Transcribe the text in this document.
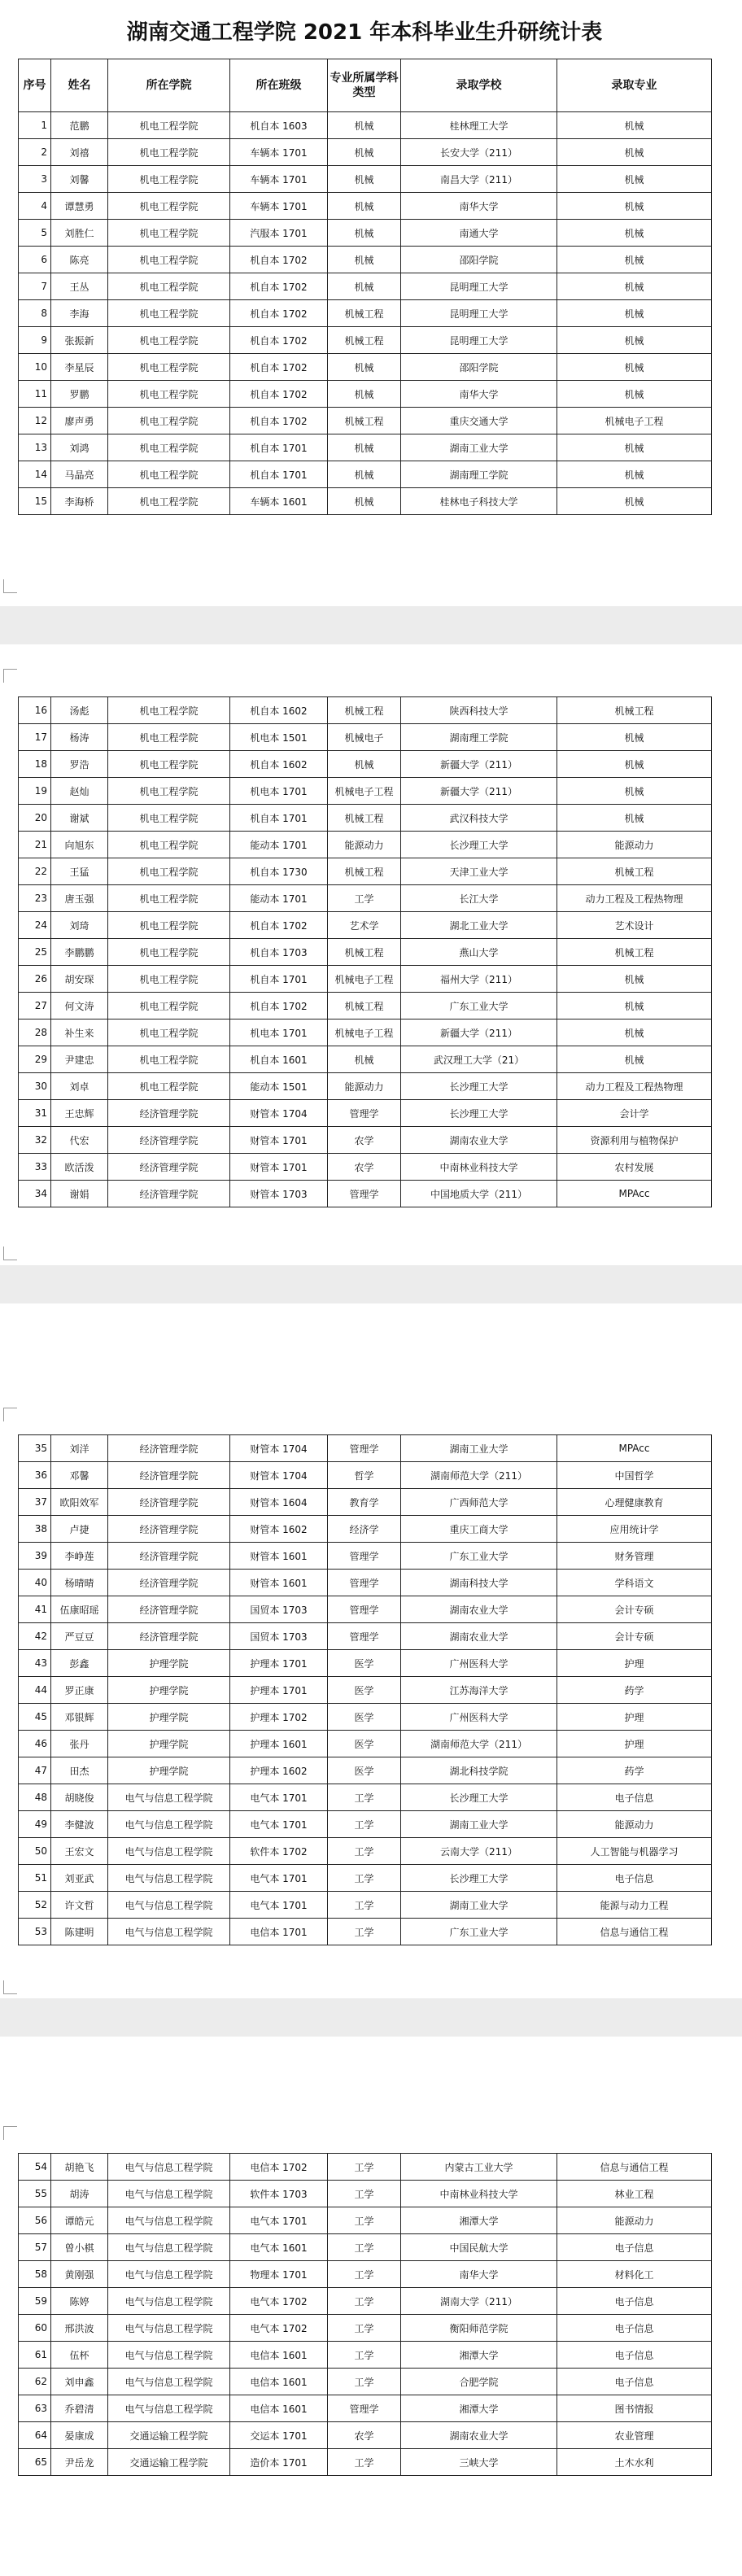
湖南交通工程学院 2021 年本科毕业生升研统计表
序号	姓名	所在学院	所在班级	专业所属学科类型	录取学校	录取专业
1	范鹏	机电工程学院	机自本 1603	机械	桂林理工大学	机械
2	刘禧	机电工程学院	车辆本 1701	机械	长安大学（211）	机械
3	刘馨	机电工程学院	车辆本 1701	机械	南昌大学（211）	机械
4	谭慧勇	机电工程学院	车辆本 1701	机械	南华大学	机械
5	刘胜仁	机电工程学院	汽服本 1701	机械	南通大学	机械
6	陈亮	机电工程学院	机自本 1702	机械	邵阳学院	机械
7	王丛	机电工程学院	机自本 1702	机械	昆明理工大学	机械
8	李海	机电工程学院	机自本 1702	机械工程	昆明理工大学	机械
9	张振新	机电工程学院	机自本 1702	机械工程	昆明理工大学	机械
10	李星辰	机电工程学院	机自本 1702	机械	邵阳学院	机械
11	罗鹏	机电工程学院	机自本 1702	机械	南华大学	机械
12	廖声勇	机电工程学院	机自本 1702	机械工程	重庆交通大学	机械电子工程
13	刘鸿	机电工程学院	机自本 1701	机械	湖南工业大学	机械
14	马晶亮	机电工程学院	机自本 1701	机械	湖南理工学院	机械
15	李海桥	机电工程学院	车辆本 1601	机械	桂林电子科技大学	机械
16	汤彪	机电工程学院	机自本 1602	机械工程	陕西科技大学	机械工程
17	杨涛	机电工程学院	机电本 1501	机械电子	湖南理工学院	机械
18	罗浩	机电工程学院	机自本 1602	机械	新疆大学（211）	机械
19	赵灿	机电工程学院	机电本 1701	机械电子工程	新疆大学（211）	机械
20	谢斌	机电工程学院	机自本 1701	机械工程	武汉科技大学	机械
21	向旭东	机电工程学院	能动本 1701	能源动力	长沙理工大学	能源动力
22	王猛	机电工程学院	机自本 1730	机械工程	天津工业大学	机械工程
23	唐玉强	机电工程学院	能动本 1701	工学	长江大学	动力工程及工程热物理
24	刘琦	机电工程学院	机自本 1702	艺术学	湖北工业大学	艺术设计
25	李鹏鹏	机电工程学院	机自本 1703	机械工程	燕山大学	机械工程
26	胡安琛	机电工程学院	机自本 1701	机械电子工程	福州大学（211）	机械
27	何文涛	机电工程学院	机自本 1702	机械工程	广东工业大学	机械
28	补生来	机电工程学院	机电本 1701	机械电子工程	新疆大学（211）	机械
29	尹建忠	机电工程学院	机自本 1601	机械	武汉理工大学（21）	机械
30	刘卓	机电工程学院	能动本 1501	能源动力	长沙理工大学	动力工程及工程热物理
31	王忠辉	经济管理学院	财管本 1704	管理学	长沙理工大学	会计学
32	代宏	经济管理学院	财管本 1701	农学	湖南农业大学	资源利用与植物保护
33	欧活泼	经济管理学院	财管本 1701	农学	中南林业科技大学	农村发展
34	谢娟	经济管理学院	财管本 1703	管理学	中国地质大学（211）	MPAcc
35	刘洋	经济管理学院	财管本 1704	管理学	湖南工业大学	MPAcc
36	邓馨	经济管理学院	财管本 1704	哲学	湖南师范大学（211）	中国哲学
37	欧阳效军	经济管理学院	财管本 1604	教育学	广西师范大学	心理健康教育
38	卢捷	经济管理学院	财管本 1602	经济学	重庆工商大学	应用统计学
39	李峥莲	经济管理学院	财管本 1601	管理学	广东工业大学	财务管理
40	杨晴晴	经济管理学院	财管本 1601	管理学	湖南科技大学	学科语文
41	伍康昭瑶	经济管理学院	国贸本 1703	管理学	湖南农业大学	会计专硕
42	严豆豆	经济管理学院	国贸本 1703	管理学	湖南农业大学	会计专硕
43	彭鑫	护理学院	护理本 1701	医学	广州医科大学	护理
44	罗正康	护理学院	护理本 1701	医学	江苏海洋大学	药学
45	邓银辉	护理学院	护理本 1702	医学	广州医科大学	护理
46	张丹	护理学院	护理本 1601	医学	湖南师范大学（211）	护理
47	田杰	护理学院	护理本 1602	医学	湖北科技学院	药学
48	胡晓俊	电气与信息工程学院	电气本 1701	工学	长沙理工大学	电子信息
49	李健波	电气与信息工程学院	电气本 1701	工学	湖南工业大学	能源动力
50	王宏文	电气与信息工程学院	软件本 1702	工学	云南大学（211）	人工智能与机器学习
51	刘亚武	电气与信息工程学院	电气本 1701	工学	长沙理工大学	电子信息
52	许文哲	电气与信息工程学院	电气本 1701	工学	湖南工业大学	能源与动力工程
53	陈建明	电气与信息工程学院	电信本 1701	工学	广东工业大学	信息与通信工程
54	胡艳飞	电气与信息工程学院	电信本 1702	工学	内蒙古工业大学	信息与通信工程
55	胡涛	电气与信息工程学院	软件本 1703	工学	中南林业科技大学	林业工程
56	谭皓元	电气与信息工程学院	电气本 1701	工学	湘潭大学	能源动力
57	曾小棋	电气与信息工程学院	电气本 1601	工学	中国民航大学	电子信息
58	黄刚强	电气与信息工程学院	物理本 1701	工学	南华大学	材料化工
59	陈婷	电气与信息工程学院	电气本 1702	工学	湖南大学（211）	电子信息
60	邢洪波	电气与信息工程学院	电气本 1702	工学	衡阳师范学院	电子信息
61	伍杯	电气与信息工程学院	电信本 1601	工学	湘潭大学	电子信息
62	刘申鑫	电气与信息工程学院	电信本 1601	工学	合肥学院	电子信息
63	乔碧清	电气与信息工程学院	电信本 1601	管理学	湘潭大学	图书情报
64	晏康成	交通运输工程学院	交运本 1701	农学	湖南农业大学	农业管理
65	尹岳龙	交通运输工程学院	造价本 1701	工学	三峡大学	土木水利
